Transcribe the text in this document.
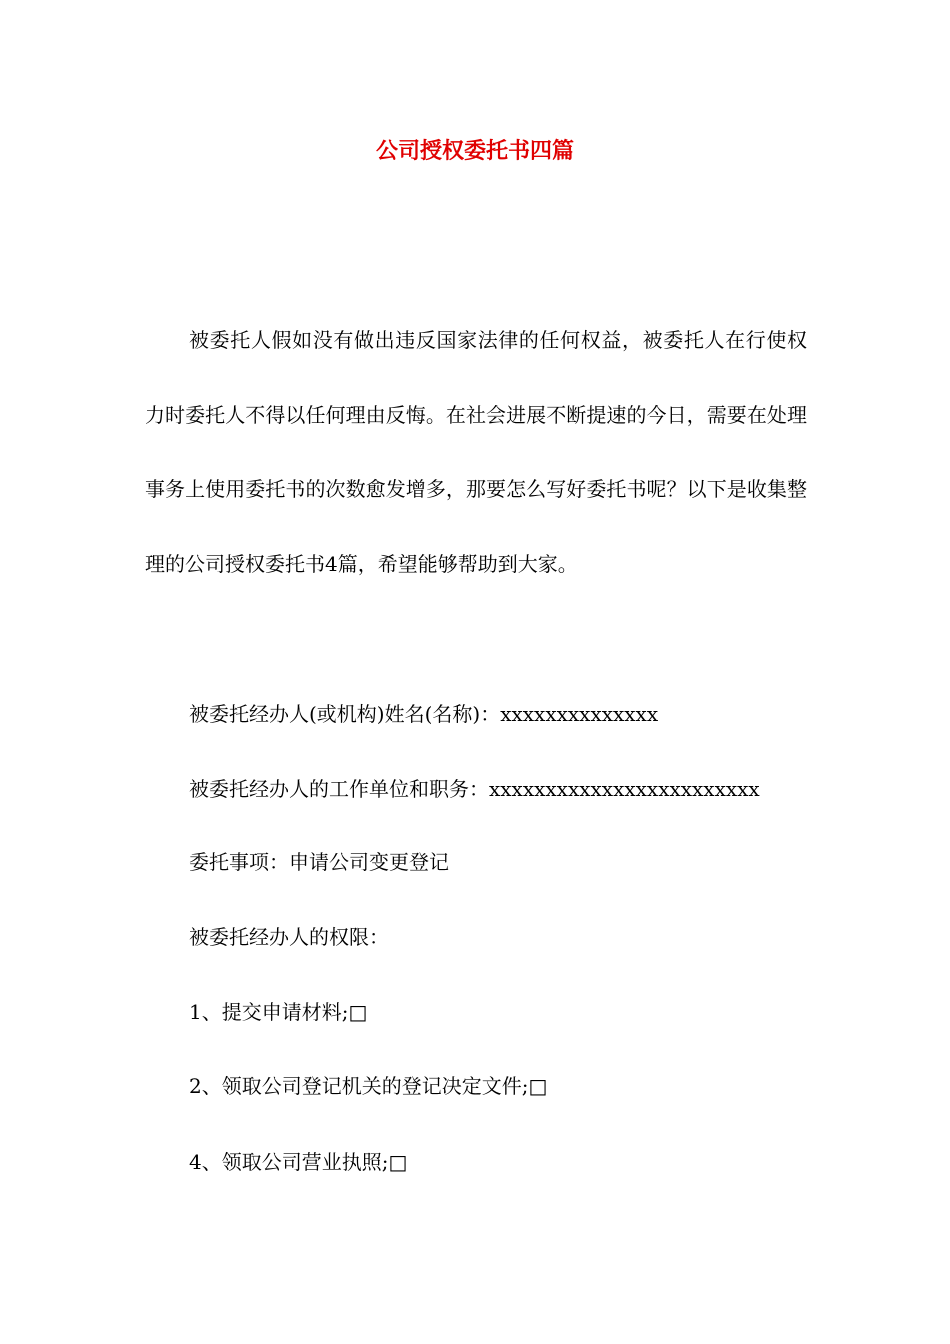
公司授权委托书四篇

被委托人假如没有做出违反国家法律的任何权益，被委托人在行使权力时委托人不得以任何理由反悔。在社会进展不断提速的今日，需要在处理事务上使用委托书的次数愈发增多，那要怎么写好委托书呢？以下是收集整理的公司授权委托书4篇，希望能够帮助到大家。

被委托经办人(或机构)姓名(名称)：xxxxxxxxxxxxxx

被委托经办人的工作单位和职务：xxxxxxxxxxxxxxxxxxxxxxxx

委托事项：申请公司变更登记

被委托经办人的权限：

1、提交申请材料;□

2、领取公司登记机关的登记决定文件;□

4、领取公司营业执照;□
